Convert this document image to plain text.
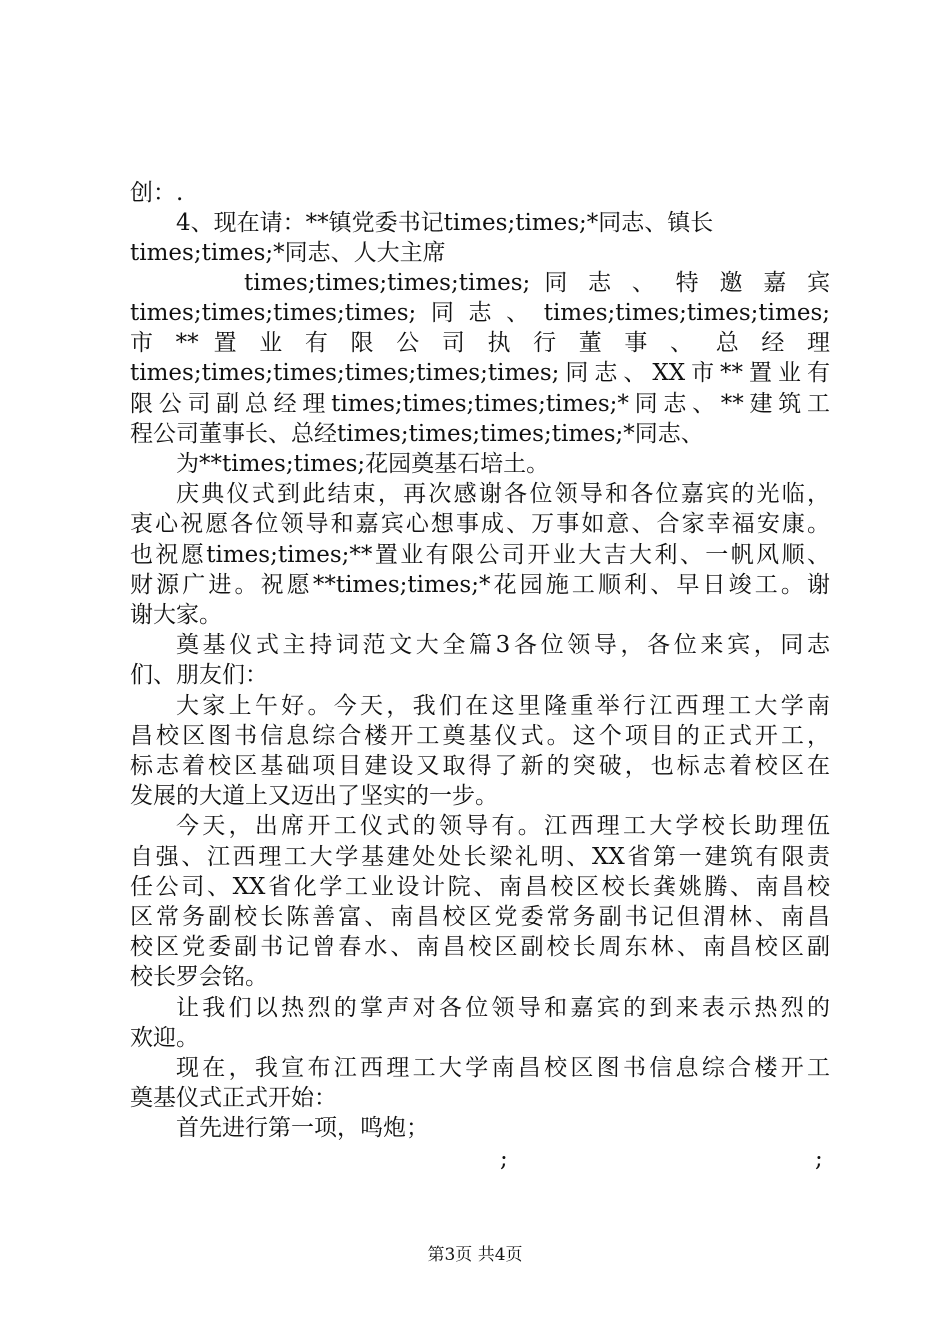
创：.
4、现在请：**镇党委书记times;times;*同志、镇长
times;times;*同志、人大主席
times;times;times;times; 同 志 、 特 邀 嘉 宾
times;times;times;times;同志、times;times;times;times;
市 ** 置 业 有 限 公 司 执 行 董 事 、 总 经 理
times;times;times;times;times;times;同志、XX市**置业有
限公司副总经理times;times;times;times;*同志、**建筑工
程公司董事长、总经times;times;times;times;*同志、
为**times;times;花园奠基石培土。
庆典仪式到此结束，再次感谢各位领导和各位嘉宾的光临，
衷心祝愿各位领导和嘉宾心想事成、万事如意、合家幸福安康。
也祝愿times;times;**置业有限公司开业大吉大利、一帆风顺、
财源广进。祝愿**times;times;*花园施工顺利、早日竣工。谢
谢大家。
奠基仪式主持词范文大全篇3各位领导，各位来宾，同志
们、朋友们：
大家上午好。今天，我们在这里隆重举行江西理工大学南
昌校区图书信息综合楼开工奠基仪式。这个项目的正式开工，
标志着校区基础项目建设又取得了新的突破，也标志着校区在
发展的大道上又迈出了坚实的一步。
今天，出席开工仪式的领导有。江西理工大学校长助理伍
自强、江西理工大学基建处处长梁礼明、XX省第一建筑有限责
任公司、XX省化学工业设计院、南昌校区校长龚姚腾、南昌校
区常务副校长陈善富、南昌校区党委常务副书记但渭林、南昌
校区党委副书记曾春水、南昌校区副校长周东林、南昌校区副
校长罗会铭。
让我们以热烈的掌声对各位领导和嘉宾的到来表示热烈的
欢迎。
现在，我宣布江西理工大学南昌校区图书信息综合楼开工
奠基仪式正式开始：
首先进行第一项，鸣炮；
;	;
第3页 共4页
